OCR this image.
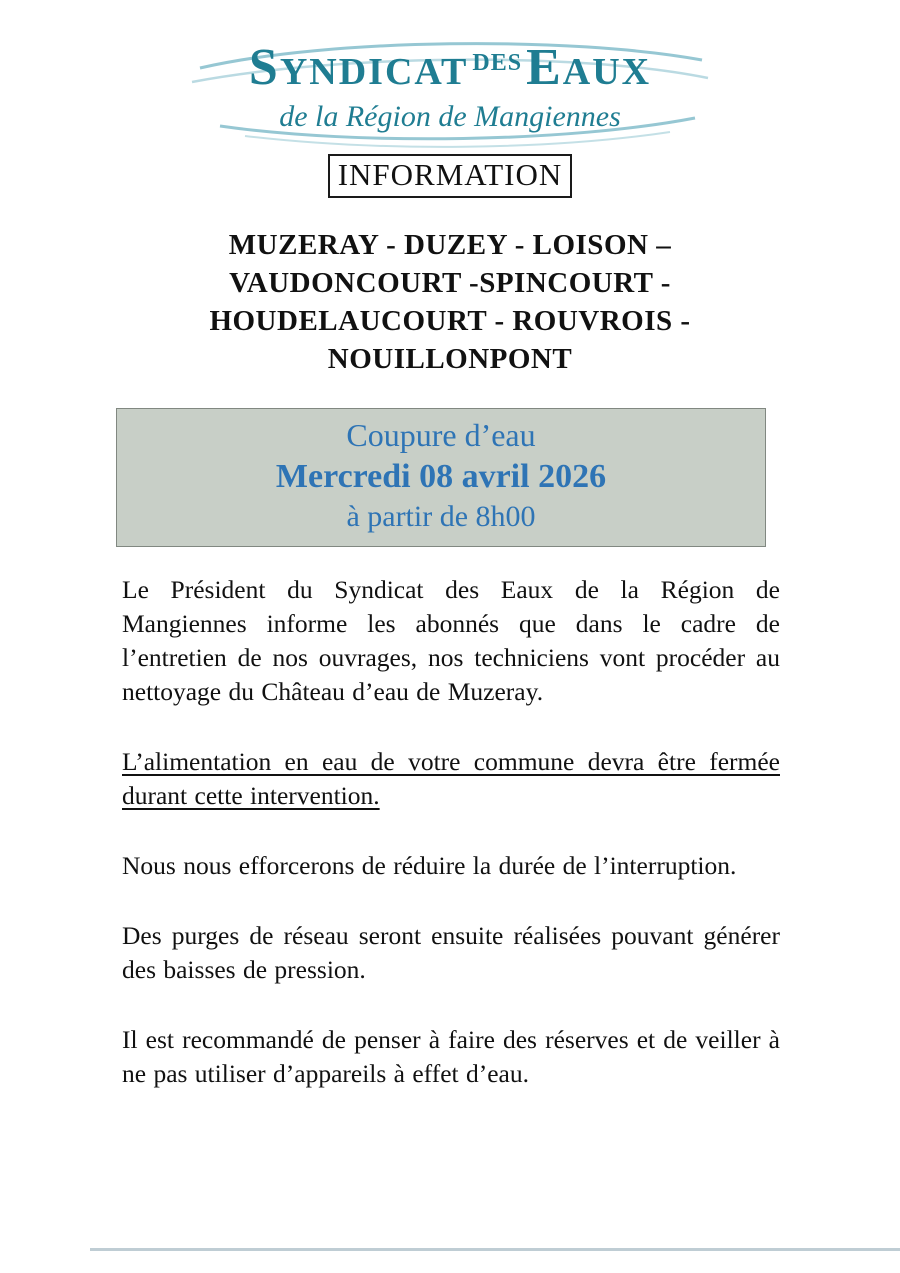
SYNDICAT DESEAUX
de la Région de Mangiennes
INFORMATION
MUZERAY - DUZEY - LOISON –
VAUDONCOURT -SPINCOURT -
HOUDELAUCOURT - ROUVROIS -
NOUILLONPONT
Coupure d’eau
Mercredi 08 avril 2026
à partir de 8h00

Le Président du Syndicat des Eaux de la Région de Mangiennes informe les abonnés que dans le cadre de l’entretien de nos ouvrages, nos techniciens vont procéder au nettoyage du Château d’eau de Muzeray.

L’alimentation en eau de votre commune devra être fermée durant cette intervention.

Nous nous efforcerons de réduire la durée de l’interruption.

Des purges de réseau seront ensuite réalisées pouvant générer des baisses de pression.

Il est recommandé de penser à faire des réserves et de veiller à ne pas utiliser d’appareils à effet d’eau.
